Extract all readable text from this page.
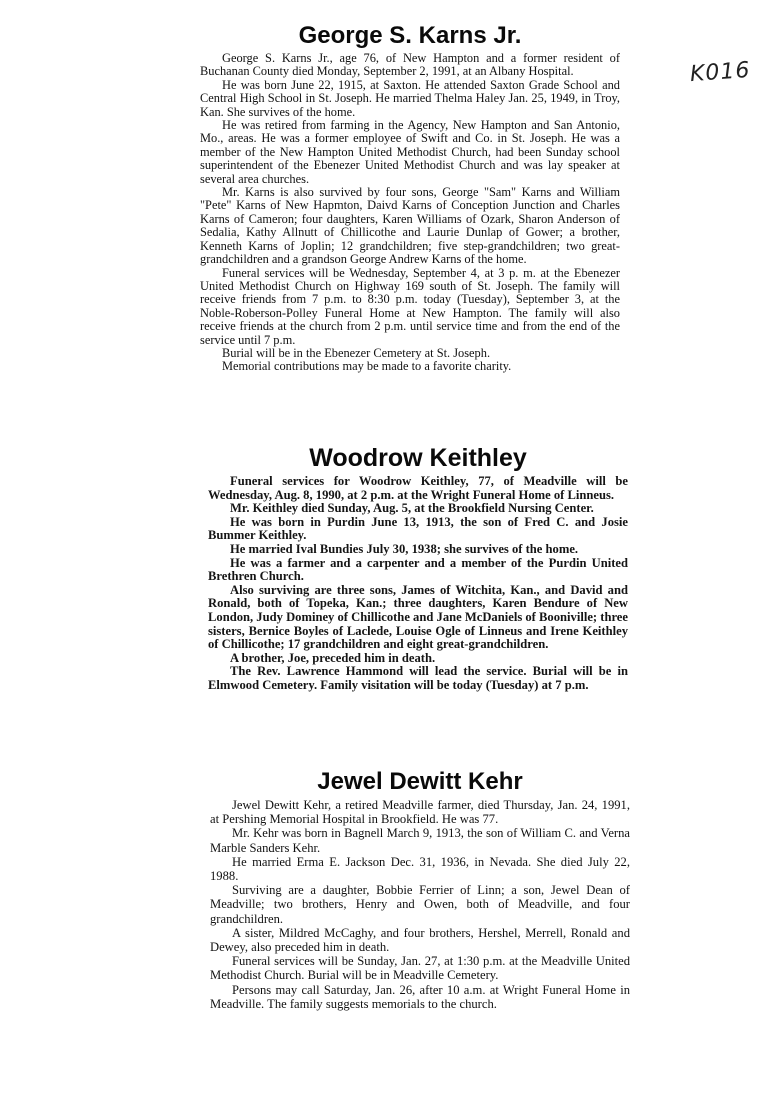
K016
George S. Karns Jr.

George S. Karns Jr., age 76, of New Hampton and a former resident of Buchanan County died Monday, September 2, 1991, at an Albany Hospital.

He was born June 22, 1915, at Saxton. He attended Saxton Grade School and Central High School in St. Joseph. He married Thelma Haley Jan. 25, 1949, in Troy, Kan. She survives of the home.

He was retired from farming in the Agency, New Hampton and San Antonio, Mo., areas. He was a former employee of Swift and Co. in St. Joseph. He was a member of the New Hampton United Methodist Church, had been Sunday school superintendent of the Ebenezer United Methodist Church and was lay speaker at several area churches.

Mr. Karns is also survived by four sons, George "Sam" Karns and William "Pete" Karns of New Hapmton, Daivd Karns of Conception Junction and Charles Karns of Cameron; four daughters, Karen Williams of Ozark, Sharon Anderson of Sedalia, Kathy Allnutt of Chillicothe and Laurie Dunlap of Gower; a brother, Kenneth Karns of Joplin; 12 grandchildren; five step-grandchildren; two great-grandchildren and a grandson George Andrew Karns of the home.

Funeral services will be Wednesday, September 4, at 3 p. m. at the Ebenezer United Methodist Church on Highway 169 south of St. Joseph. The family will receive friends from 7 p.m. to 8:30 p.m. today (Tuesday), September 3, at the Noble-Roberson-Polley Funeral Home at New Hampton. The family will also receive friends at the church from 2 p.m. until service time and from the end of the service until 7 p.m.

Burial will be in the Ebenezer Cemetery at St. Joseph.

Memorial contributions may be made to a favorite charity.

Woodrow Keithley

Funeral services for Woodrow Keithley, 77, of Meadville will be Wednesday, Aug. 8, 1990, at 2 p.m. at the Wright Funeral Home of Linneus.

Mr. Keithley died Sunday, Aug. 5, at the Brookfield Nursing Center.

He was born in Purdin June 13, 1913, the son of Fred C. and Josie Bummer Keithley.

He married Ival Bundies July 30, 1938; she survives of the home.

He was a farmer and a carpenter and a member of the Purdin United Brethren Church.

Also surviving are three sons, James of Witchita, Kan., and David and Ronald, both of Topeka, Kan.; three daughters, Karen Bendure of New London, Judy Dominey of Chillicothe and Jane McDaniels of Booniville; three sisters, Bernice Boyles of Laclede, Louise Ogle of Linneus and Irene Keithley of Chillicothe; 17 grandchildren and eight great-grandchildren.

A brother, Joe, preceded him in death.

The Rev. Lawrence Hammond will lead the service. Burial will be in Elmwood Cemetery. Family visitation will be today (Tuesday) at 7 p.m.

Jewel Dewitt Kehr

Jewel Dewitt Kehr, a retired Meadville farmer, died Thursday, Jan. 24, 1991, at Pershing Memorial Hospital in Brookfield. He was 77.

Mr. Kehr was born in Bagnell March 9, 1913, the son of William C. and Verna Marble Sanders Kehr.

He married Erma E. Jackson Dec. 31, 1936, in Nevada. She died July 22, 1988.

Surviving are a daughter, Bobbie Ferrier of Linn; a son, Jewel Dean of Meadville; two brothers, Henry and Owen, both of Meadville, and four grandchildren.

A sister, Mildred McCaghy, and four brothers, Hershel, Merrell, Ronald and Dewey, also preceded him in death.

Funeral services will be Sunday, Jan. 27, at 1:30 p.m. at the Meadville United Methodist Church. Burial will be in Meadville Cemetery.

Persons may call Saturday, Jan. 26, after 10 a.m. at Wright Funeral Home in Meadville. The family suggests memorials to the church.
